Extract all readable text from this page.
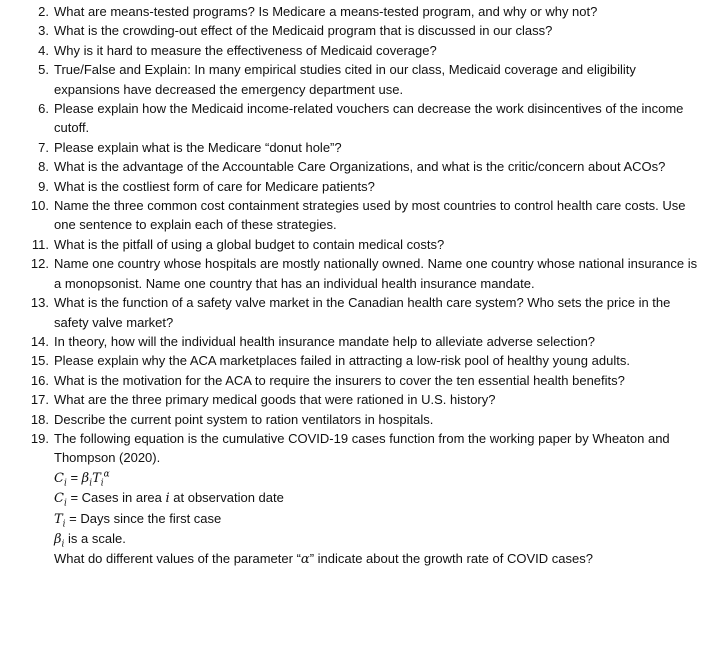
2. What are means-tested programs? Is Medicare a means-tested program, and why or why not?
3. What is the crowding-out effect of the Medicaid program that is discussed in our class?
4. Why is it hard to measure the effectiveness of Medicaid coverage?
5. True/False and Explain: In many empirical studies cited in our class, Medicaid coverage and eligibility expansions have decreased the emergency department use.
6. Please explain how the Medicaid income-related vouchers can decrease the work disincentives of the income cutoff.
7. Please explain what is the Medicare “donut hole”?
8. What is the advantage of the Accountable Care Organizations, and what is the critic/concern about ACOs?
9. What is the costliest form of care for Medicare patients?
10. Name the three common cost containment strategies used by most countries to control health care costs. Use one sentence to explain each of these strategies.
11. What is the pitfall of using a global budget to contain medical costs?
12. Name one country whose hospitals are mostly nationally owned. Name one country whose national insurance is a monopsonist. Name one country that has an individual health insurance mandate.
13. What is the function of a safety valve market in the Canadian health care system? Who sets the price in the safety valve market?
14. In theory, how will the individual health insurance mandate help to alleviate adverse selection?
15. Please explain why the ACA marketplaces failed in attracting a low-risk pool of healthy young adults.
16. What is the motivation for the ACA to require the insurers to cover the ten essential health benefits?
17. What are the three primary medical goods that were rationed in U.S. history?
18. Describe the current point system to ration ventilators in hospitals.
19. The following equation is the cumulative COVID-19 cases function from the working paper by Wheaton and Thompson (2020).
$C_i = \beta_iT_i^\alpha$
$C_i$ = Cases in area i at observation date
$T_i$ = Days since the first case
$\beta_i$ is a scale.
What do different values of the parameter “α” indicate about the growth rate of COVID cases?
